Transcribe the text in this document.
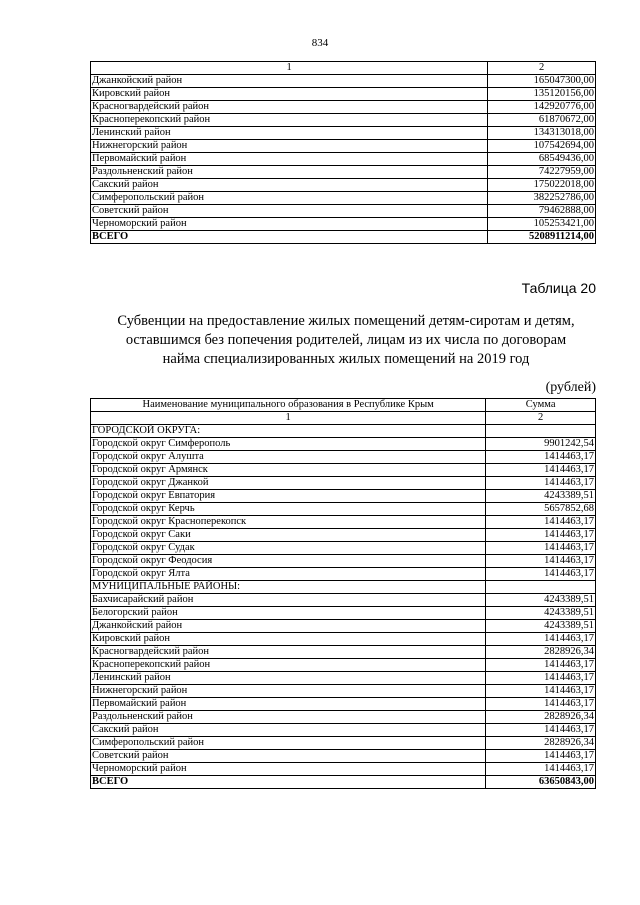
834
1	2
Джанкойский район	165047300,00
Кировский район	135120156,00
Красногвардейский район	142920776,00
Красноперекопский район	61870672,00
Ленинский район	134313018,00
Нижнегорский район	107542694,00
Первомайский район	68549436,00
Раздольненский район	74227959,00
Сакский район	175022018,00
Симферопольский район	382252786,00
Советский район	79462888,00
Черноморский район	105253421,00
ВСЕГО	5208911214,00
Таблица 20
Субвенции на предоставление жилых помещений детям-сиротам и детям,
оставшимся без попечения родителей, лицам из их числа по договорам
найма специализированных жилых помещений на 2019 год
(рублей)
Наименование муниципального образования в Республике Крым	Сумма
1	2
ГОРОДСКОЙ ОКРУГА:	
Городской округ Симферополь	9901242,54
Городской округ Алушта	1414463,17
Городской округ Армянск	1414463,17
Городской округ Джанкой	1414463,17
Городской округ Евпатория	4243389,51
Городской округ Керчь	5657852,68
Городской округ Красноперекопск	1414463,17
Городской округ Саки	1414463,17
Городской округ Судак	1414463,17
Городской округ Феодосия	1414463,17
Городской округ Ялта	1414463,17
МУНИЦИПАЛЬНЫЕ РАЙОНЫ:	
Бахчисарайский район	4243389,51
Белогорский район	4243389,51
Джанкойский район	4243389,51
Кировский район	1414463,17
Красногвардейский район	2828926,34
Красноперекопский район	1414463,17
Ленинский район	1414463,17
Нижнегорский район	1414463,17
Первомайский район	1414463,17
Раздольненский район	2828926,34
Сакский район	1414463,17
Симферопольский район	2828926,34
Советский район	1414463,17
Черноморский район	1414463,17
ВСЕГО	63650843,00
